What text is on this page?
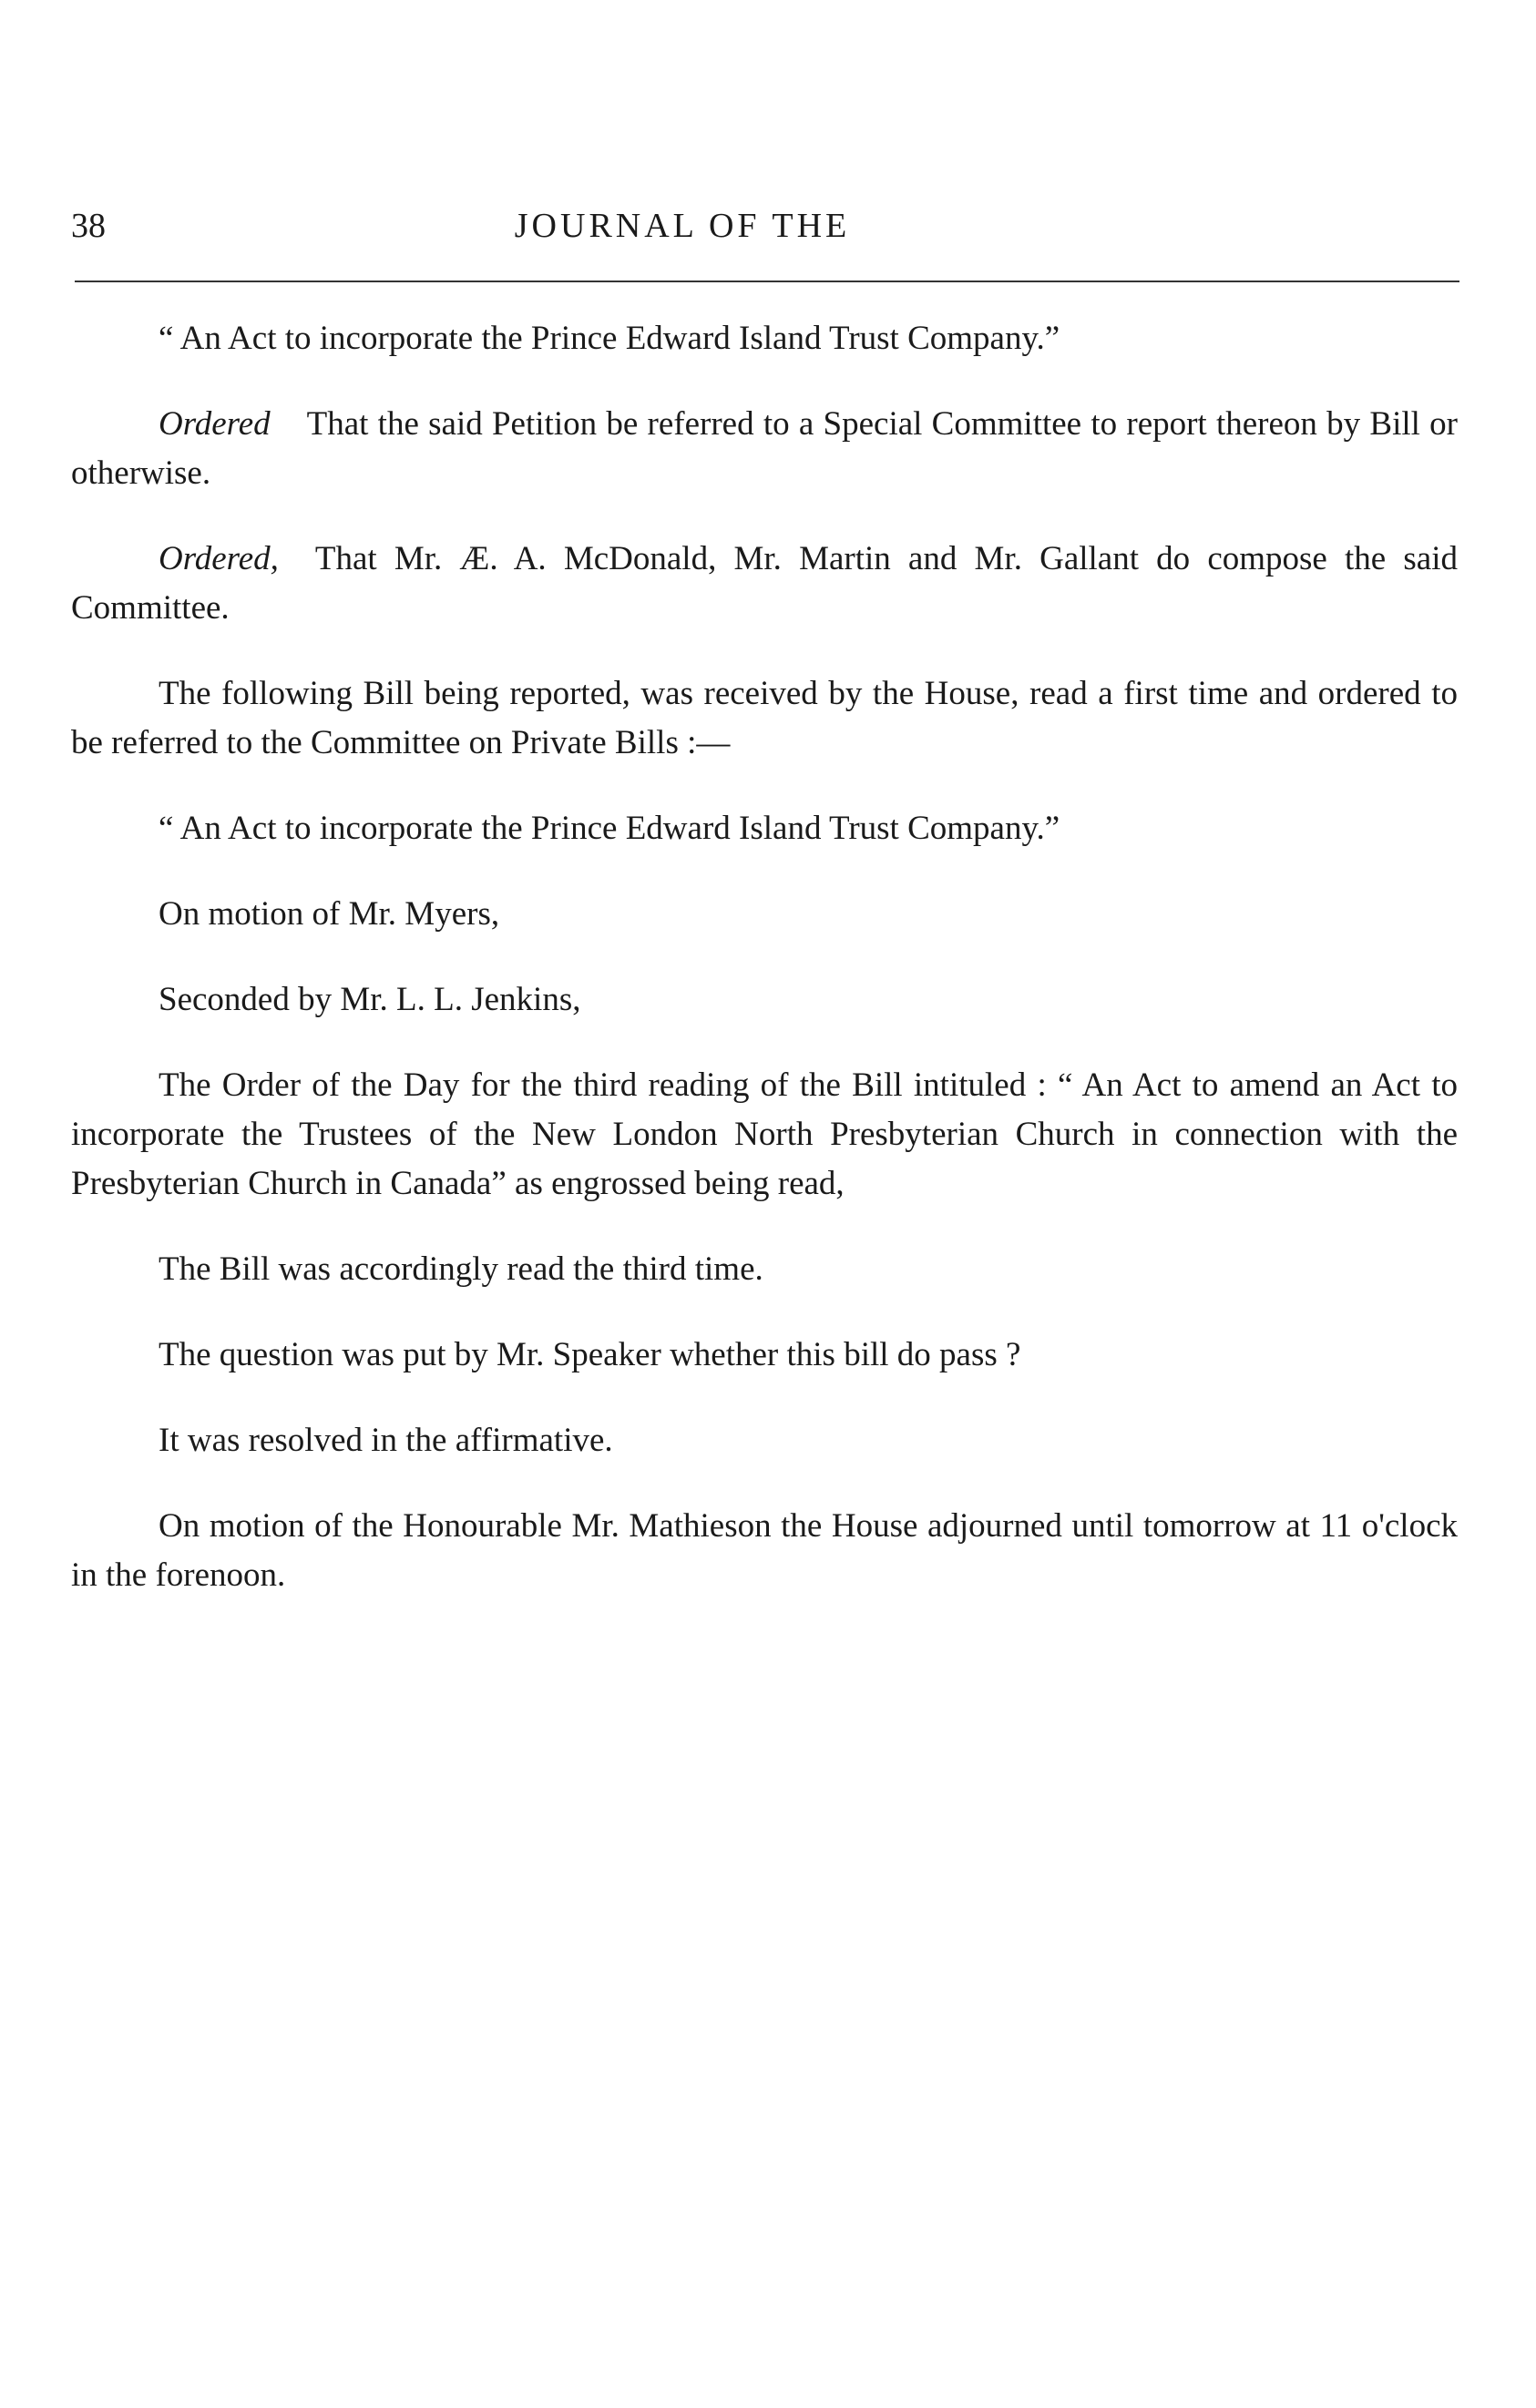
38	JOURNAL OF THE

“ An Act to incorporate the Prince Edward Island Trust Company.”

Ordered That the said Petition be referred to a Special Committee to report thereon by Bill or otherwise.

Ordered, That Mr. Æ. A. McDonald, Mr. Martin and Mr. Gallant do compose the said Committee.

The following Bill being reported, was received by the House, read a first time and ordered to be referred to the Committee on Private Bills :—

“ An Act to incorporate the Prince Edward Island Trust Company.”

On motion of Mr. Myers,

Seconded by Mr. L. L. Jenkins,

The Order of the Day for the third reading of the Bill intituled : “ An Act to amend an Act to incorporate the Trustees of the New London North Presbyterian Church in connection with the Presbyterian Church in Canada” as engrossed being read,

The Bill was accordingly read the third time.

The question was put by Mr. Speaker whether this bill do pass ?

It was resolved in the affirmative.

On motion of the Honourable Mr. Mathieson the House adjourned until tomorrow at 11 o'clock in the forenoon.
